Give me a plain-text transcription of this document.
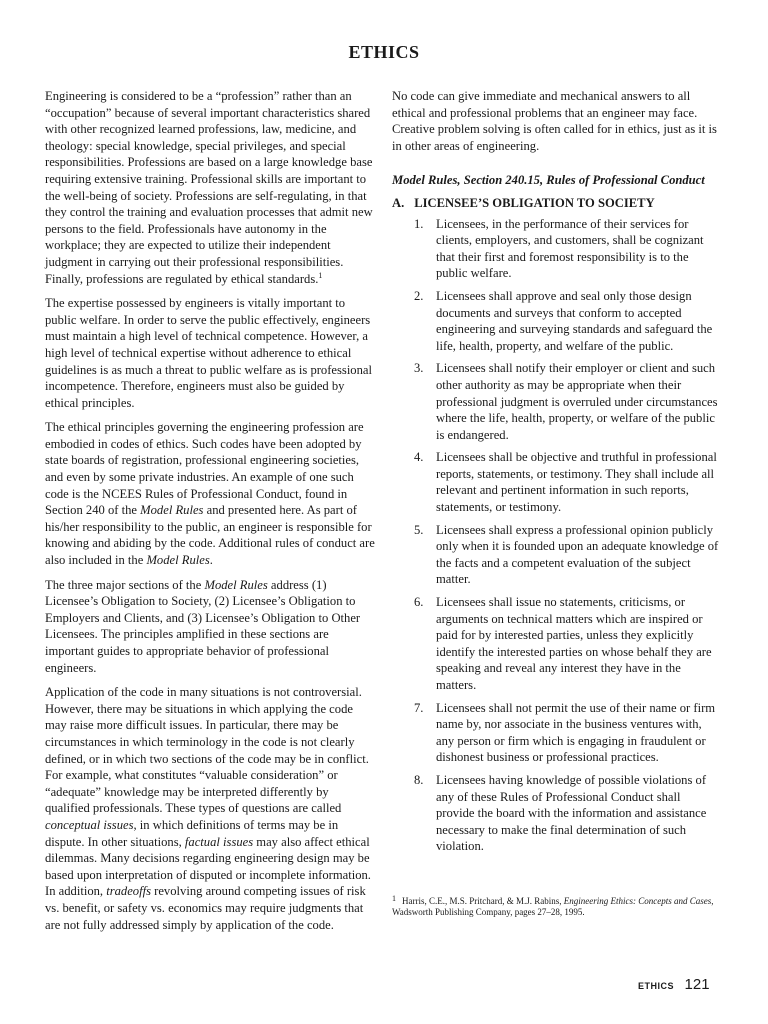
ETHICS

Engineering is considered to be a “profession” rather than an “occupation” because of several important characteristics shared with other recognized learned professions, law, medicine, and theology: special knowledge, special privileges, and special responsibilities. Professions are based on a large knowledge base requiring extensive training. Professional skills are important to the well-being of society. Professions are self-regulating, in that they control the training and evaluation processes that admit new persons to the field. Professionals have autonomy in the workplace; they are expected to utilize their independent judgment in carrying out their professional responsibilities. Finally, professions are regulated by ethical standards.$^1$

The expertise possessed by engineers is vitally important to public welfare. In order to serve the public effectively, engineers must maintain a high level of technical competence. However, a high level of technical expertise without adherence to ethical guidelines is as much a threat to public welfare as is professional incompetence. Therefore, engineers must also be guided by ethical principles.

The ethical principles governing the engineering profession are embodied in codes of ethics. Such codes have been adopted by state boards of registration, professional engineering societies, and even by some private industries. An example of one such code is the NCEES Rules of Professional Conduct, found in Section 240 of the Model Rules and presented here. As part of his/her responsibility to the public, an engineer is responsible for knowing and abiding by the code. Additional rules of conduct are also included in the Model Rules.

The three major sections of the Model Rules address (1) Licensee’s Obligation to Society, (2) Licensee’s Obligation to Employers and Clients, and (3) Licensee’s Obligation to Other Licensees. The principles amplified in these sections are important guides to appropriate behavior of professional engineers.

Application of the code in many situations is not controversial. However, there may be situations in which applying the code may raise more difficult issues. In particular, there may be circumstances in which terminology in the code is not clearly defined, or in which two sections of the code may be in conflict. For example, what constitutes “valuable consideration” or “adequate” knowledge may be interpreted differently by qualified professionals. These types of questions are called conceptual issues, in which definitions of terms may be in dispute. In other situations, factual issues may also affect ethical dilemmas. Many decisions regarding engineering design may be based upon interpretation of disputed or incomplete information. In addition, tradeoffs revolving around competing issues of risk vs. benefit, or safety vs. economics may require judgments that are not fully addressed simply by application of the code.

No code can give immediate and mechanical answers to all ethical and professional problems that an engineer may face. Creative problem solving is often called for in ethics, just as it is in other areas of engineering.

Model Rules, Section 240.15, Rules of Professional Conduct
A. LICENSEE’S OBLIGATION TO SOCIETY
1. Licensees, in the performance of their services for clients, employers, and customers, shall be cognizant that their first and foremost responsibility is to the public welfare.
2. Licensees shall approve and seal only those design documents and surveys that conform to accepted engineering and surveying standards and safeguard the life, health, property, and welfare of the public.
3. Licensees shall notify their employer or client and such other authority as may be appropriate when their professional judgment is overruled under circumstances where the life, health, property, or welfare of the public is endangered.
4. Licensees shall be objective and truthful in professional reports, statements, or testimony. They shall include all relevant and pertinent information in such reports, statements, or testimony.
5. Licensees shall express a professional opinion publicly only when it is founded upon an adequate knowledge of the facts and a competent evaluation of the subject matter.
6. Licensees shall issue no statements, criticisms, or arguments on technical matters which are inspired or paid for by interested parties, unless they explicitly identify the interested parties on whose behalf they are speaking and reveal any interest they have in the matters.
7. Licensees shall not permit the use of their name or firm name by, nor associate in the business ventures with, any person or firm which is engaging in fraudulent or dishonest business or professional practices.
8. Licensees having knowledge of possible violations of any of these Rules of Professional Conduct shall provide the board with the information and assistance necessary to make the final determination of such violation.
$^1$ Harris, C.E., M.S. Pritchard, & M.J. Rabins, Engineering Ethics: Concepts and Cases, Wadsworth Publishing Company, pages 27–28, 1995.
ETHICS 121
